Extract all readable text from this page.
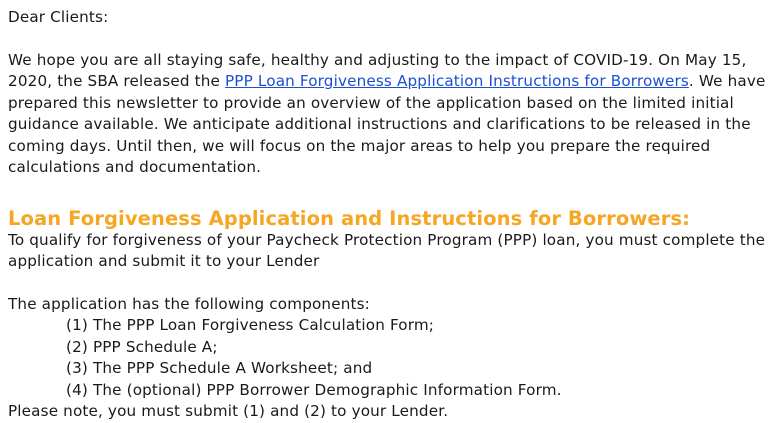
Dear Clients:

We hope you are all staying safe, healthy and adjusting to the impact of COVID-19. On May 15, 2020, the SBA released the PPP Loan Forgiveness Application Instructions for Borrowers. We have prepared this newsletter to provide an overview of the application based on the limited initial guidance available. We anticipate additional instructions and clarifications to be released in the coming days. Until then, we will focus on the major areas to help you prepare the required calculations and documentation.

Loan Forgiveness Application and Instructions for Borrowers:

To qualify for forgiveness of your Paycheck Protection Program (PPP) loan, you must complete the application and submit it to your Lender

The application has the following components:

(1) The PPP Loan Forgiveness Calculation Form;
(2) PPP Schedule A;
(3) The PPP Schedule A Worksheet; and
(4) The (optional) PPP Borrower Demographic Information Form.

Please note, you must submit (1) and (2) to your Lender.
